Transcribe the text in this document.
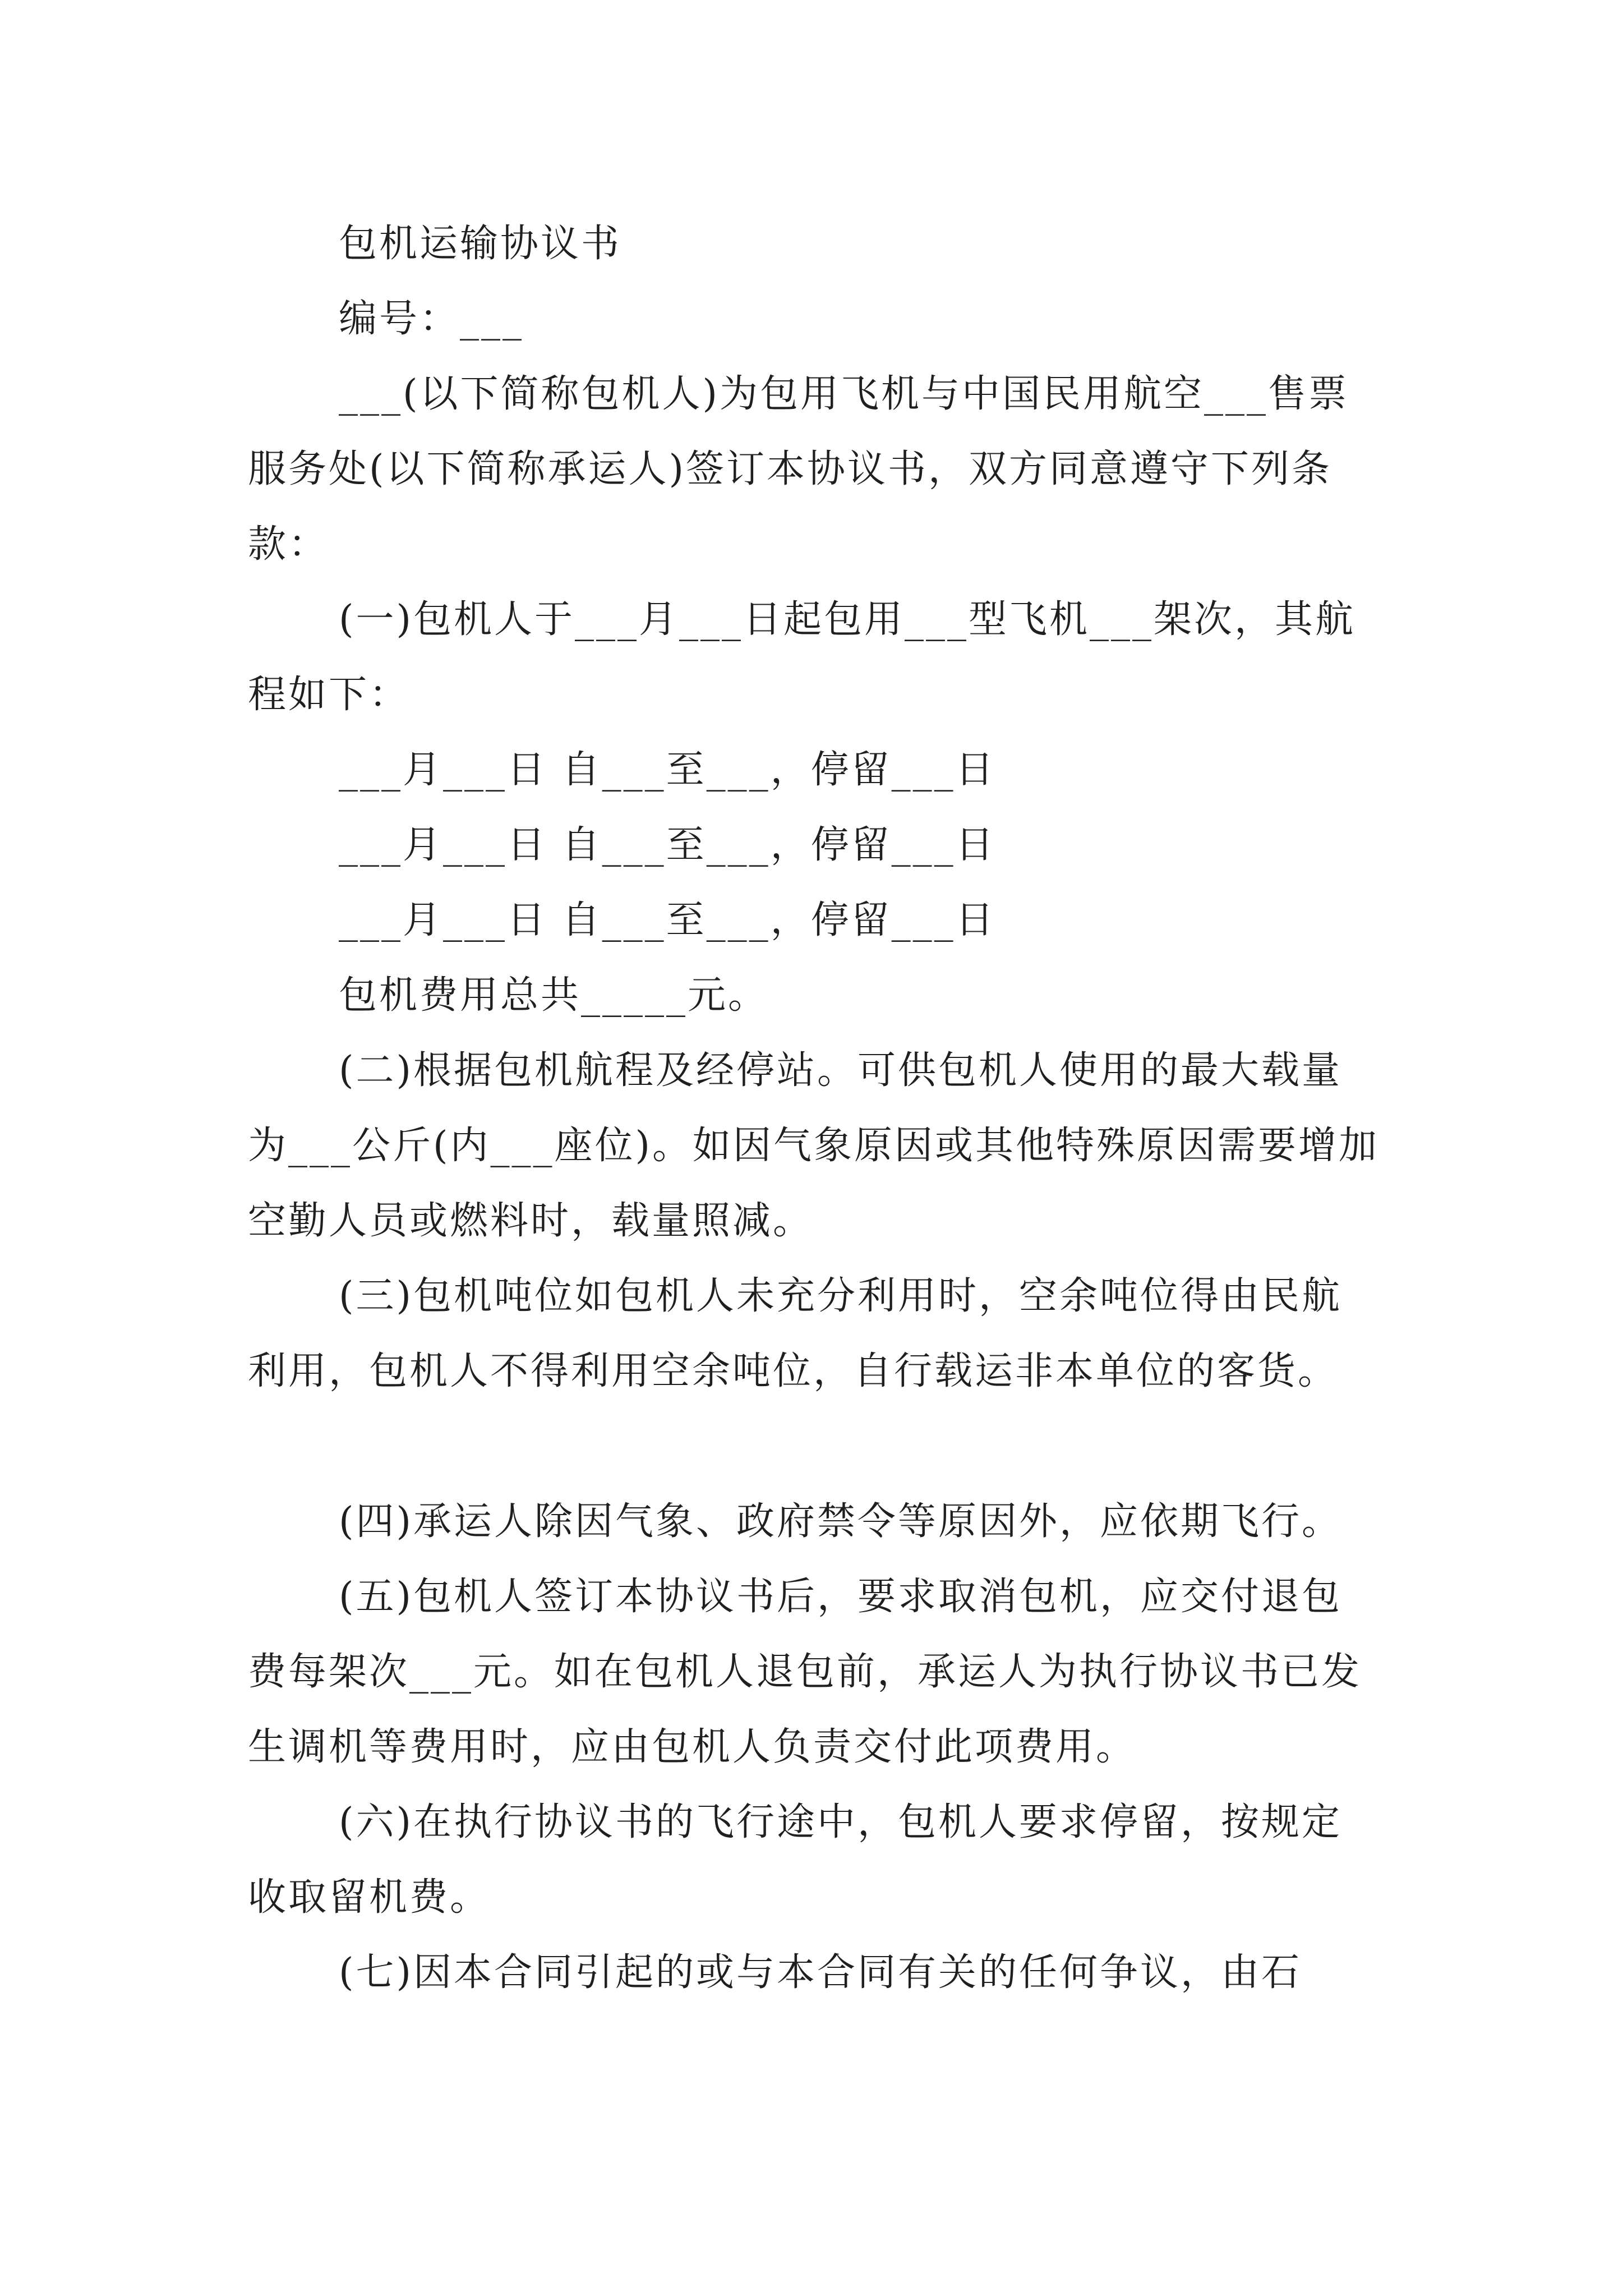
包机运输协议书
编号：___
___(以下简称包机人)为包用飞机与中国民用航空___售票服务处(以下简称承运人)签订本协议书，双方同意遵守下列条款：
(一)包机人于___月___日起包用___型飞机___架次，其航程如下：
___月___日 自___至___，停留___日
___月___日 自___至___，停留___日
___月___日 自___至___，停留___日
包机费用总共_____元。
(二)根据包机航程及经停站。可供包机人使用的最大载量为___公斤(内___座位)。如因气象原因或其他特殊原因需要增加空勤人员或燃料时，载量照减。
(三)包机吨位如包机人未充分利用时，空余吨位得由民航利用，包机人不得利用空余吨位，自行载运非本单位的客货。
(四)承运人除因气象、政府禁令等原因外，应依期飞行。
(五)包机人签订本协议书后，要求取消包机，应交付退包费每架次___元。如在包机人退包前，承运人为执行协议书已发生调机等费用时，应由包机人负责交付此项费用。
(六)在执行协议书的飞行途中，包机人要求停留，按规定收取留机费。
(七)因本合同引起的或与本合同有关的任何争议，由石
